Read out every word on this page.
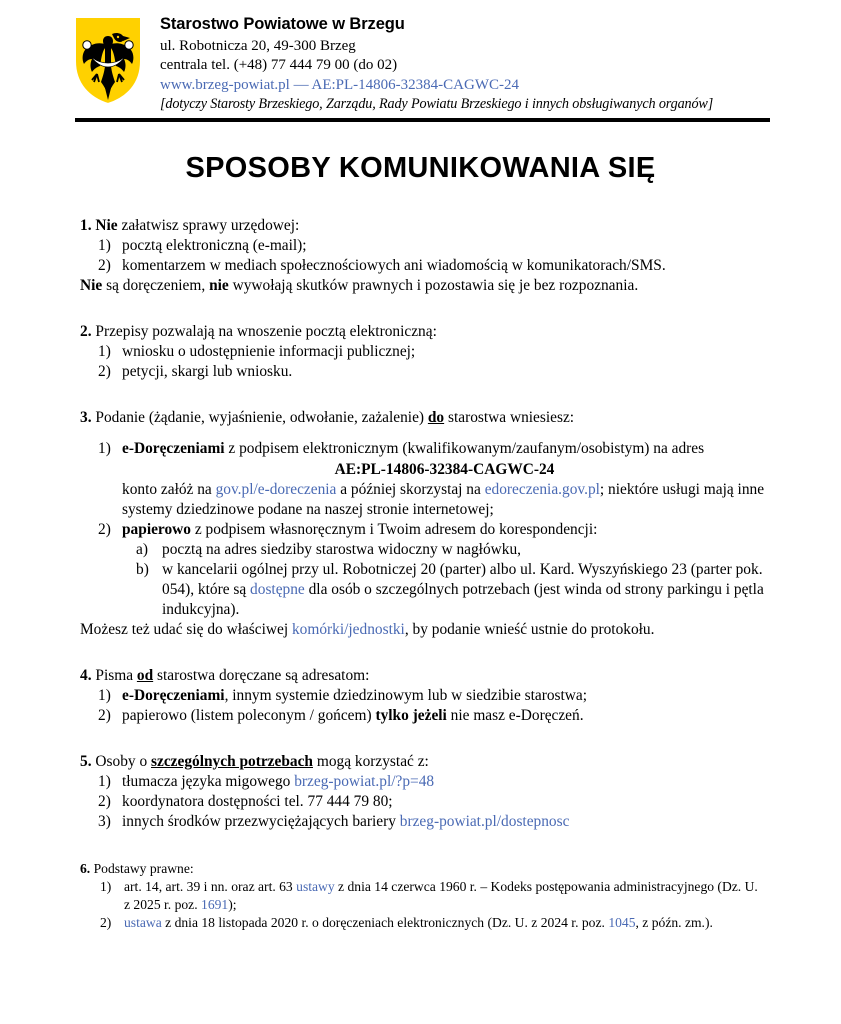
Starostwo Powiatowe w Brzegu
ul. Robotnicza 20, 49-300 Brzeg
centrala tel. (+48) 77 444 79 00 (do 02)
www.brzeg-powiat.pl — AE:PL-14806-32384-CAGWC-24
[dotyczy Starosty Brzeskiego, Zarządu, Rady Powiatu Brzeskiego i innych obsługiwanych organów]
SPOSOBY KOMUNIKOWANIA SIĘ

1. Nie załatwisz sprawy urzędowej:

1) pocztą elektroniczną (e-mail);
2) komentarzem w mediach społecznościowych ani wiadomością w komunikatorach/SMS.

Nie są doręczeniem, nie wywołają skutków prawnych i pozostawia się je bez rozpoznania.

2. Przepisy pozwalają na wnoszenie pocztą elektroniczną:

1) wniosku o udostępnienie informacji publicznej;
2) petycji, skargi lub wniosku.

3. Podanie (żądanie, wyjaśnienie, odwołanie, zażalenie) do starostwa wniesiesz:

1) e-Doręczeniami z podpisem elektronicznym (kwalifikowanym/zaufanym/osobistym) na adres
AE:PL-14806-32384-CAGWC-24
konto załóż na gov.pl/e-doreczenia a później skorzystaj na edoreczenia.gov.pl; niektóre usługi mają inne systemy dziedzinowe podane na naszej stronie internetowej;
2) papierowo z podpisem własnoręcznym i Twoim adresem do korespondencji:
a) pocztą na adres siedziby starostwa widoczny w nagłówku,
b) w kancelarii ogólnej przy ul. Robotniczej 20 (parter) albo ul. Kard. Wyszyńskiego 23 (parter pok. 054), które są dostępne dla osób o szczególnych potrzebach (jest winda od strony parkingu i pętla indukcyjna).

Możesz też udać się do właściwej komórki/jednostki, by podanie wnieść ustnie do protokołu.

4. Pisma od starostwa doręczane są adresatom:

1) e-Doręczeniami, innym systemie dziedzinowym lub w siedzibie starostwa;
2) papierowo (listem poleconym / gońcem) tylko jeżeli nie masz e-Doręczeń.

5. Osoby o szczególnych potrzebach mogą korzystać z:

1) tłumacza języka migowego brzeg-powiat.pl/?p=48
2) koordynatora dostępności tel. 77 444 79 80;
3) innych środków przezwyciężających bariery brzeg-powiat.pl/dostepnosc

6. Podstawy prawne:

1) art. 14, art. 39 i nn. oraz art. 63 ustawy z dnia 14 czerwca 1960 r. – Kodeks postępowania administracyjnego (Dz. U. z 2025 r. poz. 1691);
2) ustawa z dnia 18 listopada 2020 r. o doręczeniach elektronicznych (Dz. U. z 2024 r. poz. 1045, z późn. zm.).
